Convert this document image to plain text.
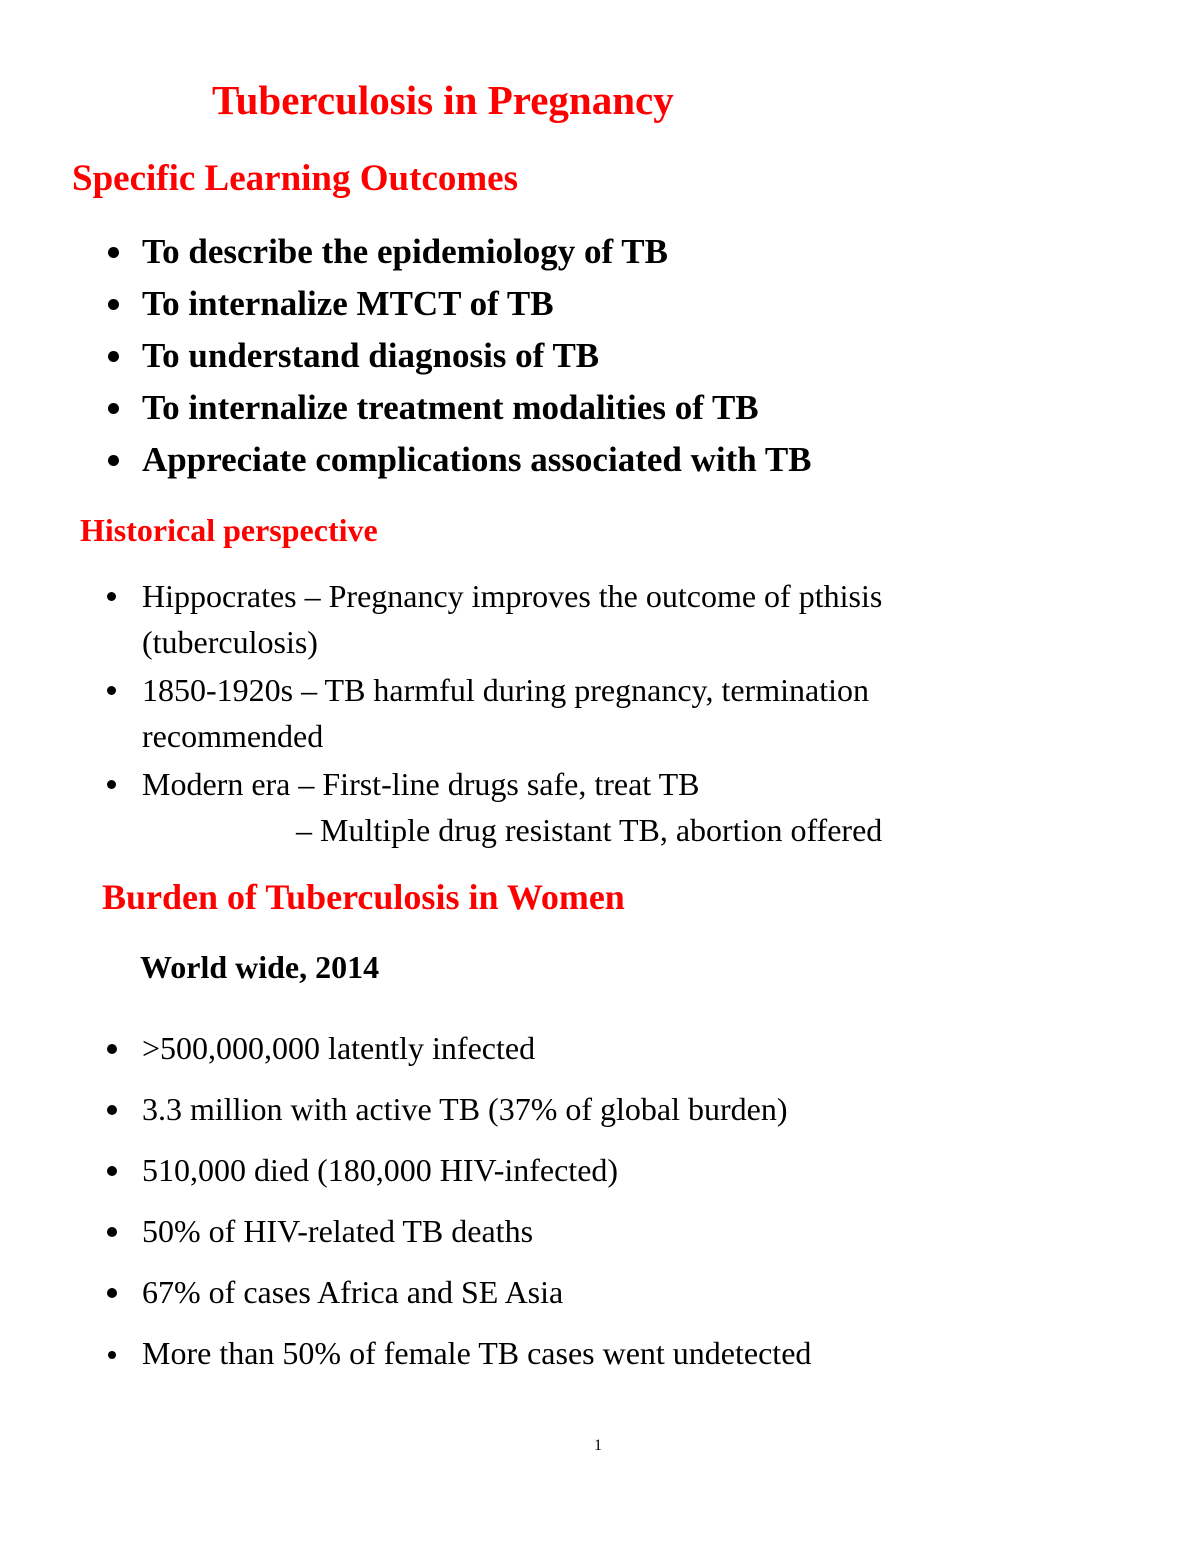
Tuberculosis in Pregnancy
Specific Learning Outcomes
To describe the epidemiology of TB
To internalize MTCT of TB
To understand diagnosis of TB
To internalize treatment modalities of TB
Appreciate complications associated with TB
Historical perspective
Hippocrates – Pregnancy improves the outcome of pthisis
(tuberculosis)
1850-1920s – TB harmful during pregnancy, termination
recommended
Modern era – First-line drugs safe, treat TB
– Multiple drug resistant TB, abortion offered
Burden of Tuberculosis in Women
World wide, 2014
>500,000,000 latently infected
3.3 million with active TB (37% of global burden)
510,000 died (180,000 HIV-infected)
50% of HIV-related TB deaths
67% of cases Africa and SE Asia
More than 50% of female TB cases went undetected
1
